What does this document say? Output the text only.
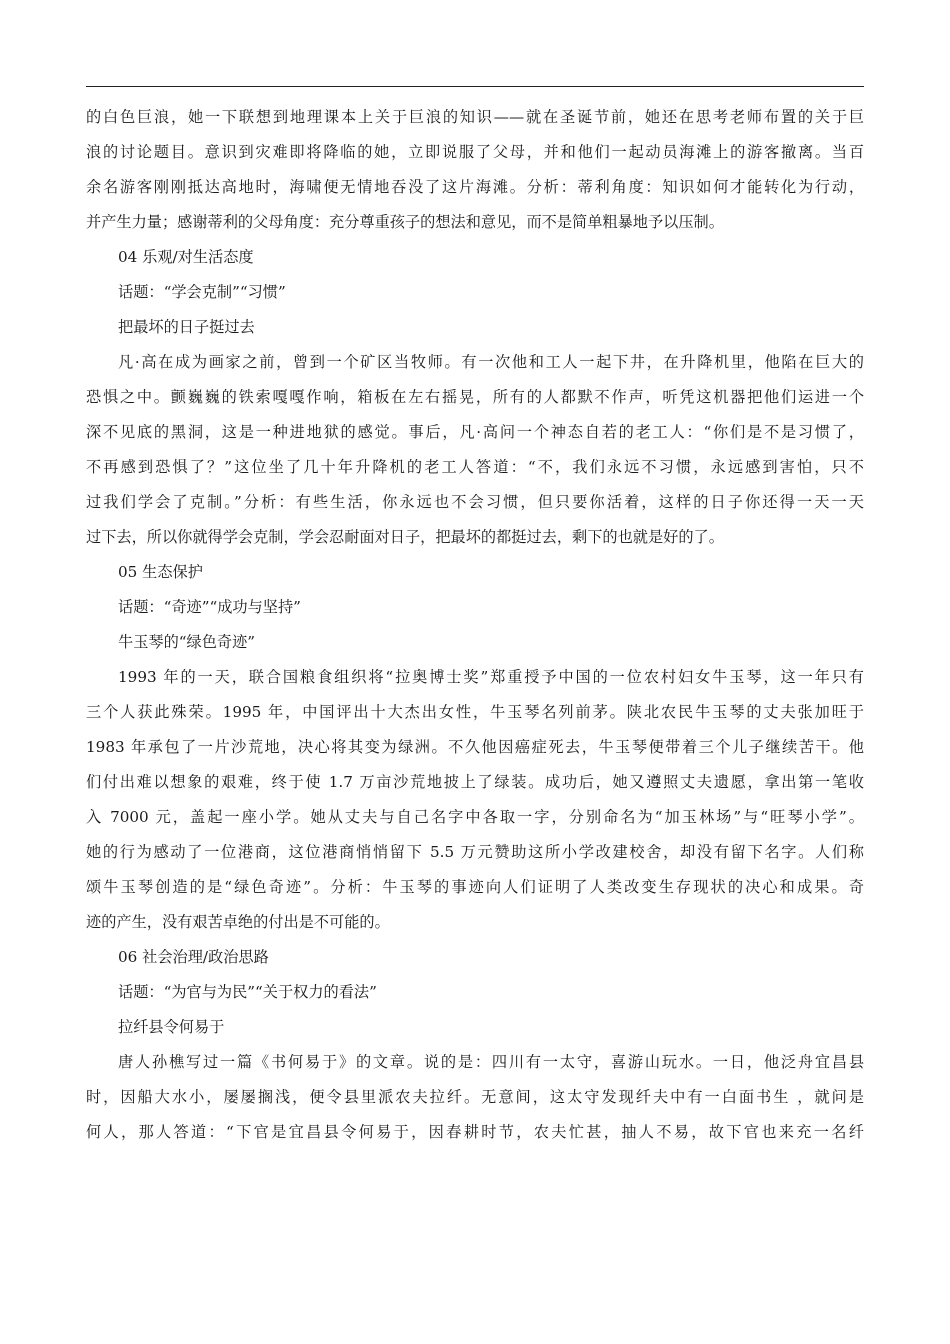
的白色巨浪，她一下联想到地理课本上关于巨浪的知识——就在圣诞节前，她还在思考老师布置的关于巨
浪的讨论题目。意识到灾难即将降临的她，立即说服了父母，并和他们一起动员海滩上的游客撤离。当百
余名游客刚刚抵达高地时，海啸便无情地吞没了这片海滩。分析：蒂利角度：知识如何才能转化为行动，
并产生力量；感谢蒂利的父母角度：充分尊重孩子的想法和意见，而不是简单粗暴地予以压制。
04 乐观/对生活态度
话题：“学会克制”“习惯”
把最坏的日子挺过去
凡·高在成为画家之前，曾到一个矿区当牧师。有一次他和工人一起下井，在升降机里，他陷在巨大的
恐惧之中。颤巍巍的铁索嘎嘎作响，箱板在左右摇晃，所有的人都默不作声，听凭这机器把他们运进一个
深不见底的黑洞，这是一种进地狱的感觉。事后，凡·高问一个神态自若的老工人：“你们是不是习惯了，
不再感到恐惧了？”这位坐了几十年升降机的老工人答道：“不，我们永远不习惯，永远感到害怕，只不
过我们学会了克制。”分析：有些生活，你永远也不会习惯，但只要你活着，这样的日子你还得一天一天
过下去，所以你就得学会克制，学会忍耐面对日子，把最坏的都挺过去，剩下的也就是好的了。
05 生态保护
话题：“奇迹”“成功与坚持”
牛玉琴的“绿色奇迹”
1993 年的一天，联合国粮食组织将“拉奥博士奖”郑重授予中国的一位农村妇女牛玉琴，这一年只有
三个人获此殊荣。1995 年，中国评出十大杰出女性，牛玉琴名列前茅。陕北农民牛玉琴的丈夫张加旺于
1983 年承包了一片沙荒地，决心将其变为绿洲。不久他因癌症死去，牛玉琴便带着三个儿子继续苦干。他
们付出难以想象的艰难，终于使 1.7 万亩沙荒地披上了绿装。成功后，她又遵照丈夫遗愿，拿出第一笔收
入 7000 元，盖起一座小学。她从丈夫与自己名字中各取一字，分别命名为“加玉林场”与“旺琴小学”。
她的行为感动了一位港商，这位港商悄悄留下 5.5 万元赞助这所小学改建校舍，却没有留下名字。人们称
颂牛玉琴创造的是“绿色奇迹”。分析：牛玉琴的事迹向人们证明了人类改变生存现状的决心和成果。奇
迹的产生，没有艰苦卓绝的付出是不可能的。
06 社会治理/政治思路
话题：“为官与为民”“关于权力的看法”
拉纤县令何易于
唐人孙樵写过一篇《书何易于》的文章。说的是：四川有一太守，喜游山玩水。一日，他泛舟宜昌县
时，因船大水小，屡屡搁浅，便令县里派农夫拉纤。无意间，这太守发现纤夫中有一白面书生 ，就问是
何人，那人答道：“下官是宜昌县令何易于，因春耕时节，农夫忙甚，抽人不易，故下官也来充一名纤
